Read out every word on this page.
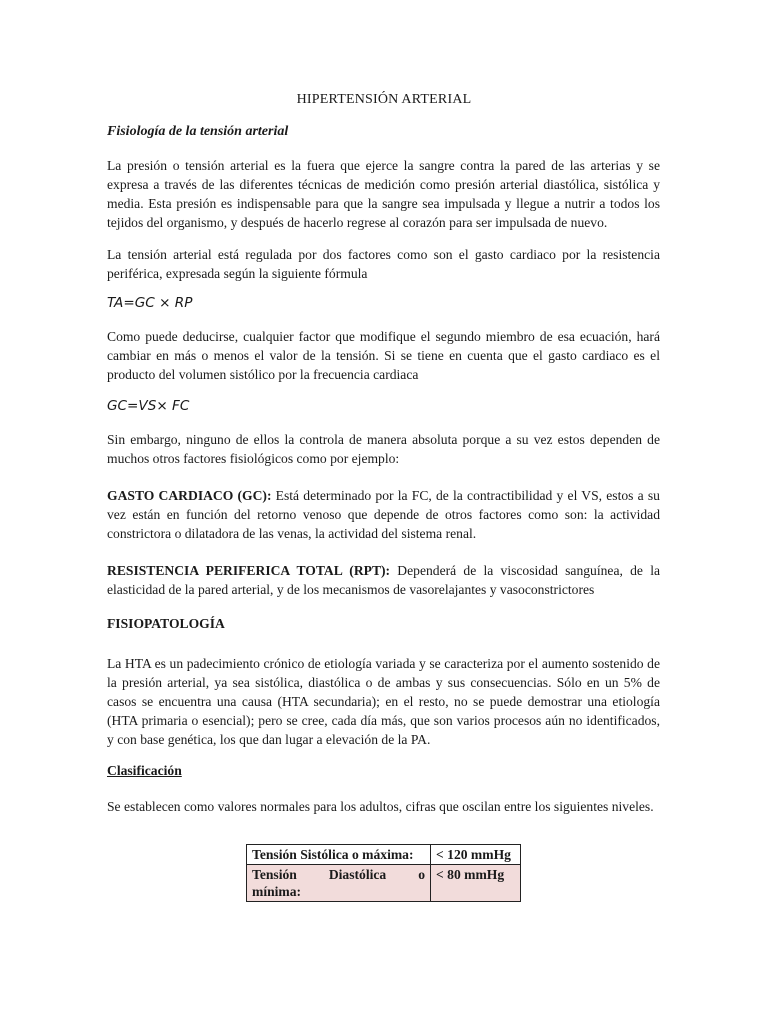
HIPERTENSIÓN ARTERIAL
Fisiología de la tensión arterial

La presión o tensión arterial es la fuera que ejerce la sangre contra la pared de las arterias y se expresa a través de las diferentes técnicas de medición como presión arterial diastólica, sistólica y media. Esta presión es indispensable para que la sangre sea impulsada y llegue a nutrir a todos los tejidos del organismo, y después de hacerlo regrese al corazón para ser impulsada de nuevo.

La tensión arterial está regulada por dos factores como son el gasto cardiaco por la resistencia periférica, expresada según la siguiente fórmula

TA=GC × RP

Como puede deducirse, cualquier factor que modifique el segundo miembro de esa ecuación, hará cambiar en más o menos el valor de la tensión. Si se tiene en cuenta que el gasto cardiaco es el producto del volumen sistólico por la frecuencia cardiaca

GC=VS× FC

Sin embargo, ninguno de ellos la controla de manera absoluta porque a su vez estos dependen de muchos otros factores fisiológicos como por ejemplo:

GASTO CARDIACO (GC): Está determinado por la FC, de la contractibilidad y el VS, estos a su vez están en función del retorno venoso que depende de otros factores como son: la actividad constrictora o dilatadora de las venas, la actividad del sistema renal.

RESISTENCIA PERIFERICA TOTAL (RPT): Dependerá de la viscosidad sanguínea, de la elasticidad de la pared arterial, y de los mecanismos de vasorelajantes y vasoconstrictores

FISIOPATOLOGÍA

La HTA es un padecimiento crónico de etiología variada y se caracteriza por el aumento sostenido de la presión arterial, ya sea sistólica, diastólica o de ambas y sus consecuencias. Sólo en un 5% de casos se encuentra una causa (HTA secundaria); en el resto, no se puede demostrar una etiología (HTA primaria o esencial); pero se cree, cada día más, que son varios procesos aún no identificados, y con base genética, los que dan lugar a elevación de la PA.

Clasificación

Se establecen como valores normales para los adultos, cifras que oscilan entre los siguientes niveles.

Tensión Sistólica o máxima:	< 120 mmHg

Tensión Diastólica o
mínima:	< 80 mmHg
